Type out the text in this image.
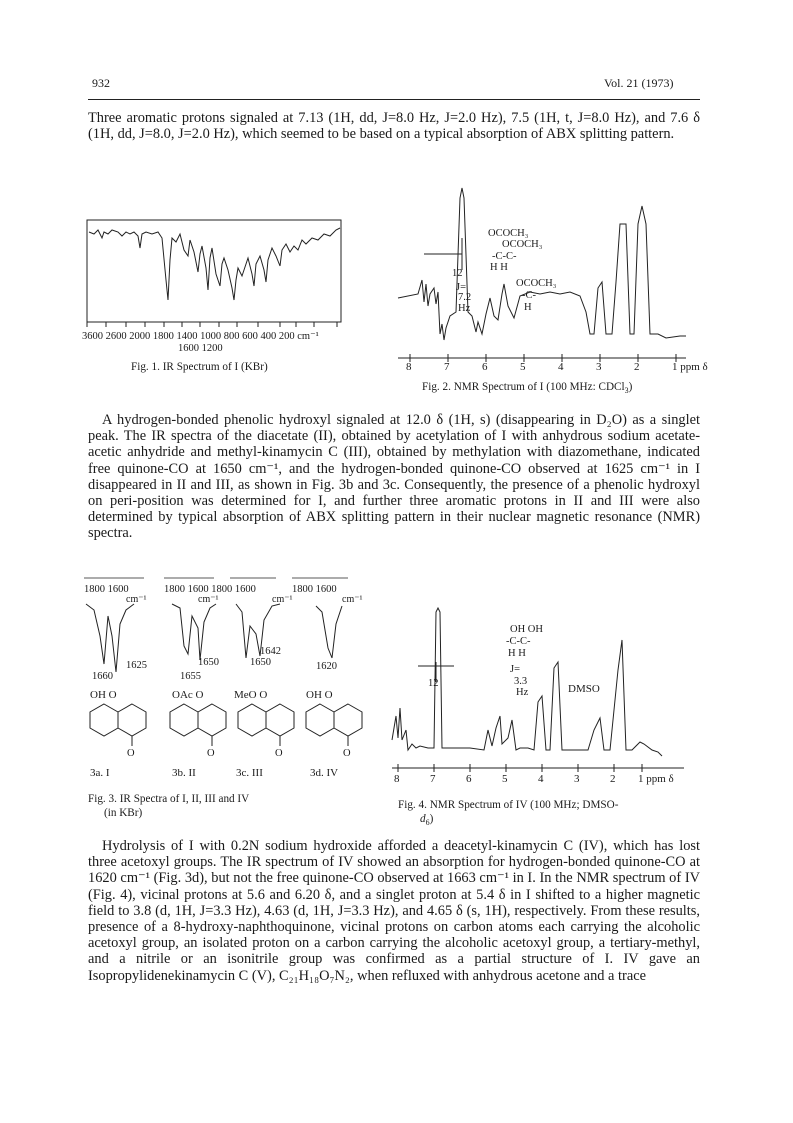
932	Vol. 21 (1973)

Three aromatic protons signaled at 7.13 (1H, dd, J=8.0 Hz, J=2.0 Hz), 7.5 (1H, t, J=8.0 Hz), and 7.6 δ (1H, dd, J=8.0, J=2.0 Hz), which seemed to be based on a typical absorption of ABX splitting pattern.

3600 2600 2000 1800 1400 1000 800 600 400 200 cm⁻¹
1600 1200
Fig. 1. IR Spectrum of I (KBr)	8	7	6	5	4	3	2	1 ppm δ
OCOCH₃
OCOCH₃
-C-C-
H H
OCOCH₃
-C-
H
12
J=
7.2
Hz
Fig. 2. NMR Spectrum of I (100 MHz: CDCl$_3$)

A hydrogen-bonded phenolic hydroxyl signaled at 12.0 δ (1H, s) (disappearing in D₂O) as a singlet peak. The IR spectra of the diacetate (II), obtained by acetylation of I with anhydrous sodium acetate-acetic anhydride and methyl-kinamycin C (III), obtained by methylation with diazomethane, indicated free quinone-CO at 1650 cm⁻¹, and the hydrogen-bonded quinone-CO observed at 1625 cm⁻¹ in I disappeared in II and III, as shown in Fig. 3b and 3c. Consequently, the presence of a phenolic hydroxyl on peri-position was determined for I, and further three aromatic protons in II and III were also determined by typical absorption of ABX splitting pattern in their nuclear magnetic resonance (NMR) spectra.

1800 1600	1800 1600 1800 1600	1800 1600
cm⁻¹	cm⁻¹	cm⁻¹	cm⁻¹
1625
1660
1650
1655
1642
1650	1620
OH O	OAc O	MeO O	OH O
O	O	O	O
3a. I	3b. II	3c. III	3d. IV
Fig. 3. IR Spectra of I, II, III and IV
(in KBr)
8	7	6	5	4	3	2 1 ppm δ
12
OH OH
-C-C-
H H
J=
3.3
Hz	DMSO
Fig. 4. NMR Spectrum of IV (100 MHz; DMSO-
$d_6$)

Hydrolysis of I with 0.2N sodium hydroxide afforded a deacetyl-kinamycin C (IV), which has lost three acetoxyl groups. The IR spectrum of IV showed an absorption for hydrogen-bonded quinone-CO at 1620 cm⁻¹ (Fig. 3d), but not the free quinone-CO observed at 1663 cm⁻¹ in I. In the NMR spectrum of IV (Fig. 4), vicinal protons at 5.6 and 6.20 δ, and a singlet proton at 5.4 δ in I shifted to a higher magnetic field to 3.8 (d, 1H, J=3.3 Hz), 4.63 (d, 1H, J=3.3 Hz), and 4.65 δ (s, 1H), respectively. From these results, presence of a 8-hydroxy-naphthoquinone, vicinal protons on carbon atoms each carrying the alcoholic acetoxyl group, an isolated proton on a carbon carrying the alcoholic acetoxyl group, a tertiary-methyl, and a nitrile or an isonitrile group was confirmed as a partial structure of I. IV gave an Isopropylidenekinamycin C (V), C₂₁H₁₈O₇N₂, when refluxed with anhydrous acetone and a trace
